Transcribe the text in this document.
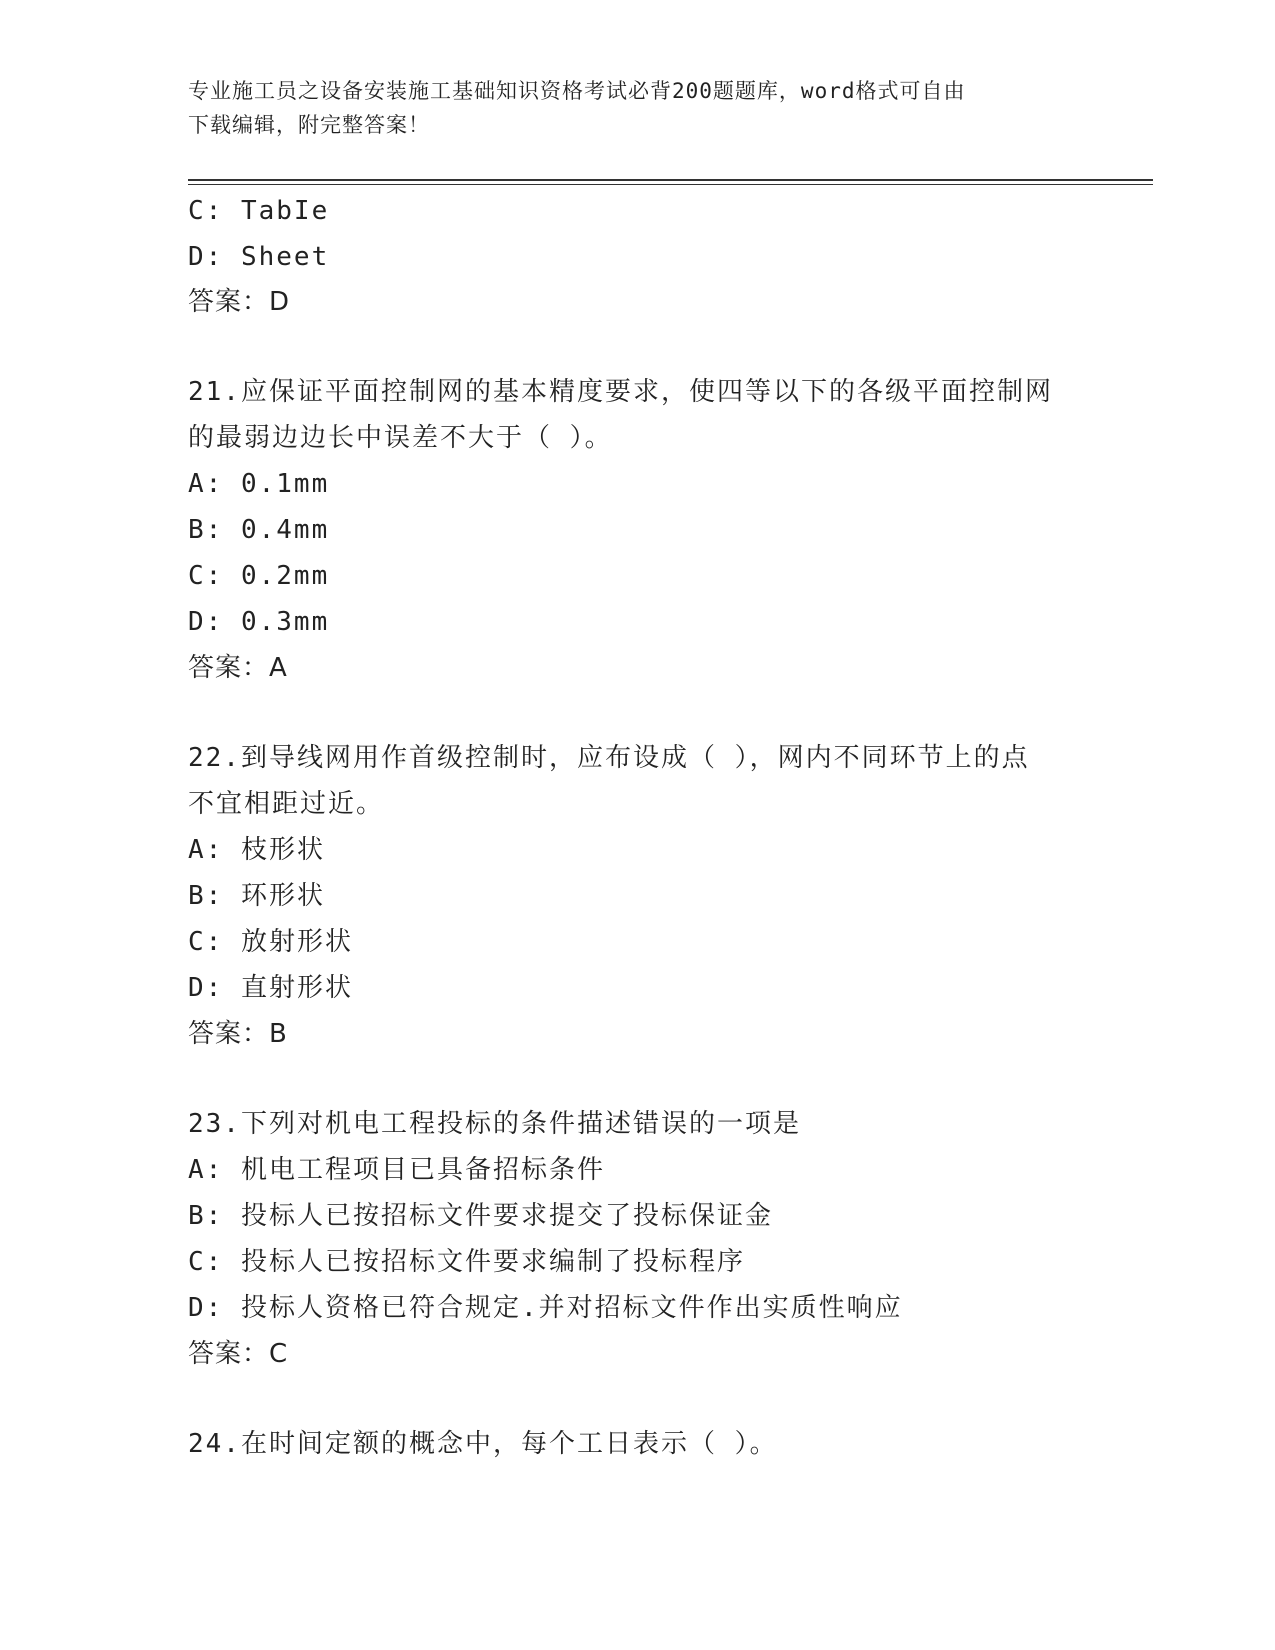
专业施工员之设备安装施工基础知识资格考试必背200题题库，word格式可自由
下载编辑，附完整答案！
C: TabIe
D: Sheet
答案：D
21.应保证平面控制网的基本精度要求，使四等以下的各级平面控制网
的最弱边边长中误差不大于（ ）。
A: 0.1mm
B: 0.4mm
C: 0.2mm
D: 0.3mm
答案：A
22.到导线网用作首级控制时，应布设成（ ），网内不同环节上的点
不宜相距过近。
A: 枝形状
B: 环形状
C: 放射形状
D: 直射形状
答案：B
23.下列对机电工程投标的条件描述错误的一项是
A: 机电工程项目已具备招标条件
B: 投标人已按招标文件要求提交了投标保证金
C: 投标人已按招标文件要求编制了投标程序
D: 投标人资格已符合规定.并对招标文件作出实质性响应
答案：C
24.在时间定额的概念中，每个工日表示（ ）。
